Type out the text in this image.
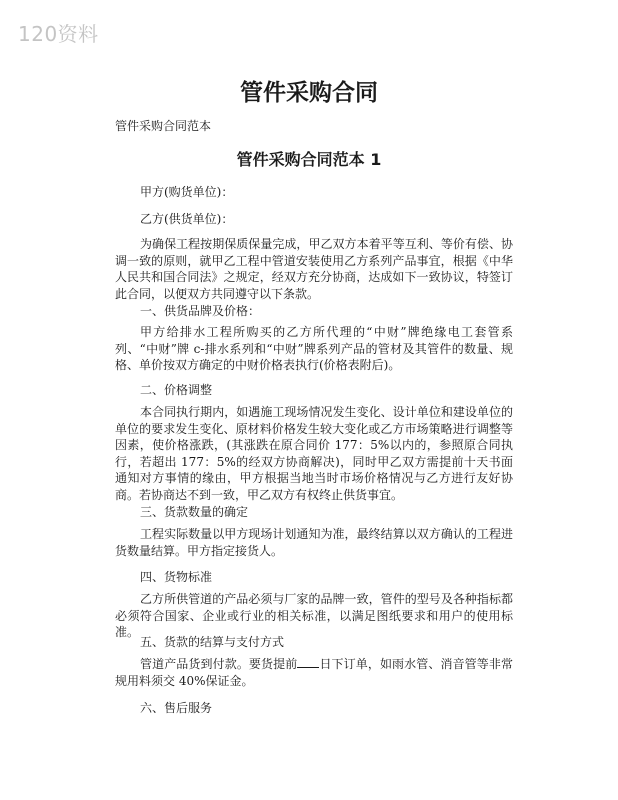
120资料
管件采购合同
管件采购合同范本
管件采购合同范本 1
甲方(购货单位)：
乙方(供货单位)：

为确保工程按期保质保量完成，甲乙双方本着平等互利、等价有偿、协调一致的原则，就甲乙工程中管道安装使用乙方系列产品事宜，根据《中华人民共和国合同法》之规定，经双方充分协商，达成如下一致协议，特签订此合同，以便双方共同遵守以下条款。

一、供货品牌及价格：

甲方给排水工程所购买的乙方所代理的“中财”牌绝缘电工套管系列、“中财”牌 c-排水系列和“中财”牌系列产品的管材及其管件的数量、规格、单价按双方确定的中财价格表执行(价格表附后)。

二、价格调整

本合同执行期内，如遇施工现场情况发生变化、设计单位和建设单位的单位的要求发生变化、原材料价格发生较大变化或乙方市场策略进行调整等因素，使价格涨跌，(其涨跌在原合同价 177：5%以内的，参照原合同执行，若超出 177：5%的经双方协商解决)，同时甲乙双方需提前十天书面通知对方事情的缘由，甲方根据当地当时市场价格情况与乙方进行友好协商。若协商达不到一致，甲乙双方有权终止供货事宜。

三、货款数量的确定

工程实际数量以甲方现场计划通知为准，最终结算以双方确认的工程进货数量结算。甲方指定接货人。

四、货物标准

乙方所供管道的产品必须与厂家的品牌一致，管件的型号及各种指标都必须符合国家、企业或行业的相关标准，以满足图纸要求和用户的使用标准。

五、货款的结算与支付方式

管道产品货到付款。要货提前 日下订单，如雨水管、消音管等非常规用料须交 40%保证金。

六、售后服务
